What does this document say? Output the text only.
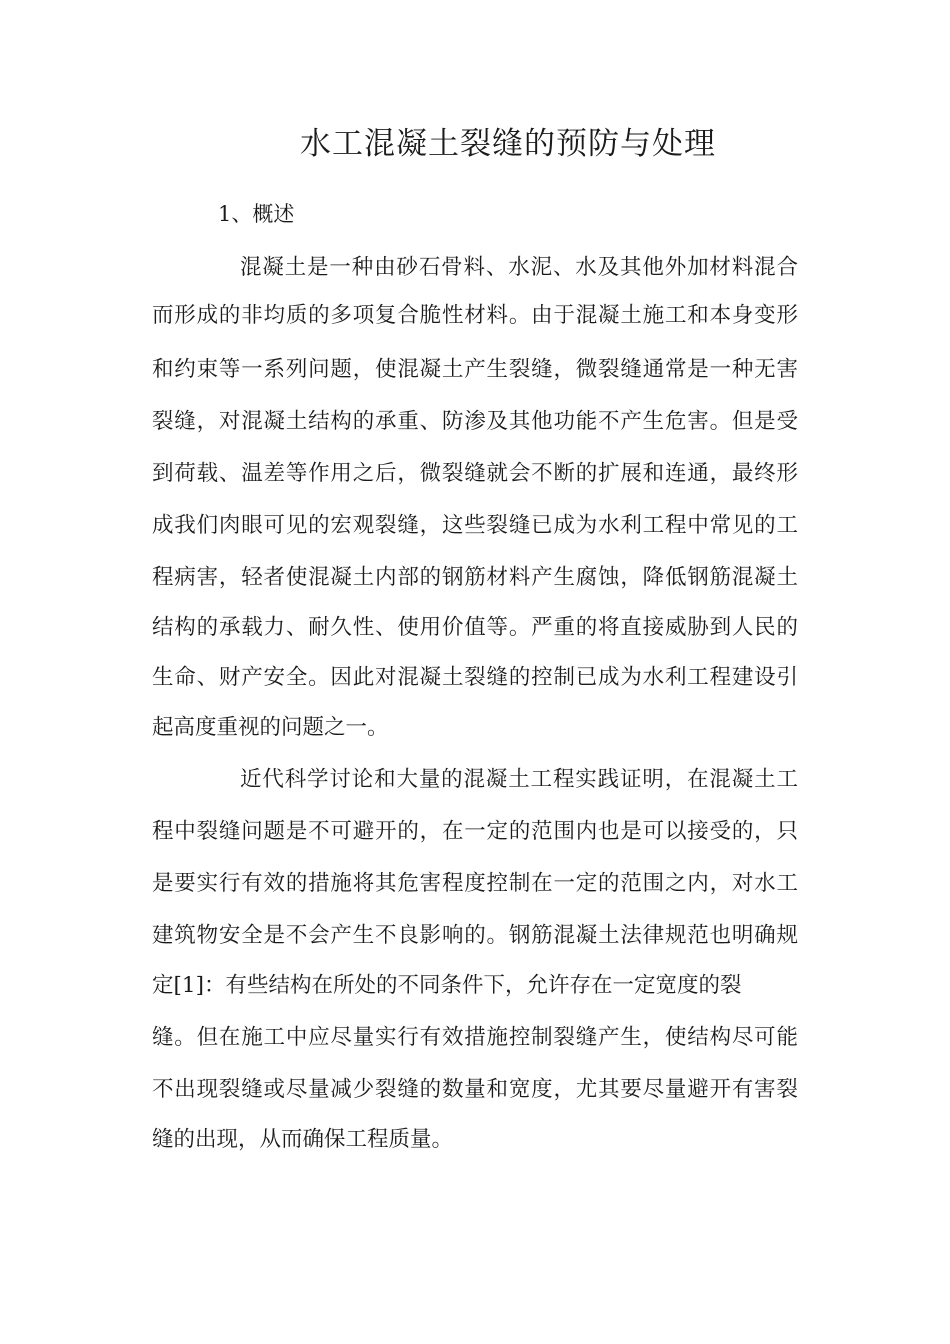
水工混凝土裂缝的预防与处理
1、概述
混凝土是一种由砂石骨料、水泥、水及其他外加材料混合
而形成的非均质的多项复合脆性材料。由于混凝土施工和本身变形
和约束等一系列问题，使混凝土产生裂缝，微裂缝通常是一种无害
裂缝，对混凝土结构的承重、防渗及其他功能不产生危害。但是受
到荷载、温差等作用之后，微裂缝就会不断的扩展和连通，最终形
成我们肉眼可见的宏观裂缝，这些裂缝已成为水利工程中常见的工
程病害，轻者使混凝土内部的钢筋材料产生腐蚀，降低钢筋混凝土
结构的承载力、耐久性、使用价值等。严重的将直接威胁到人民的
生命、财产安全。因此对混凝土裂缝的控制已成为水利工程建设引
起高度重视的问题之一。
近代科学讨论和大量的混凝土工程实践证明，在混凝土工
程中裂缝问题是不可避开的，在一定的范围内也是可以接受的，只
是要实行有效的措施将其危害程度控制在一定的范围之内，对水工
建筑物安全是不会产生不良影响的。钢筋混凝土法律规范也明确规
定[1]：有些结构在所处的不同条件下，允许存在一定宽度的裂
缝。但在施工中应尽量实行有效措施控制裂缝产生，使结构尽可能
不出现裂缝或尽量减少裂缝的数量和宽度，尤其要尽量避开有害裂
缝的出现，从而确保工程质量。
